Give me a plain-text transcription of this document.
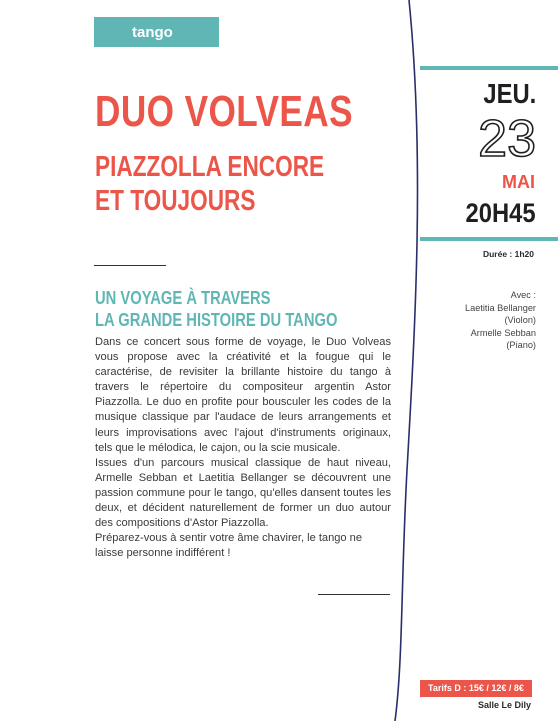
tango
DUO VOLVEAS
PIAZZOLLA ENCORE
ET TOUJOURS
UN VOYAGE À TRAVERS
LA GRANDE HISTOIRE DU TANGO

Dans ce concert sous forme de voyage, le Duo Volveas vous propose avec la créativité et la fougue qui le caractérise, de revisiter la brillante histoire du tango à travers le répertoire du compositeur argentin Astor Piazzolla. Le duo en profite pour bousculer les codes de la musique classique par l'audace de leurs arrangements et leurs improvisations avec l'ajout d'instruments originaux, tels que le mélodica, le cajon, ou la scie musicale.

Issues d'un parcours musical classique de haut niveau, Armelle Sebban et Laetitia Bellanger se découvrent une passion commune pour le tango, qu'elles dansent toutes les deux, et décident naturellement de former un duo autour des compositions d'Astor Piazzolla.

Préparez-vous à sentir votre âme chavirer, le tango ne laisse personne indifférent !

JEU.
23
MAI
20H45
Durée : 1h20
Avec :
Laetitia Bellanger
(Violon)
Armelle Sebban
(Piano)
Tarifs D : 15€ / 12€ / 8€
Salle Le Dily
